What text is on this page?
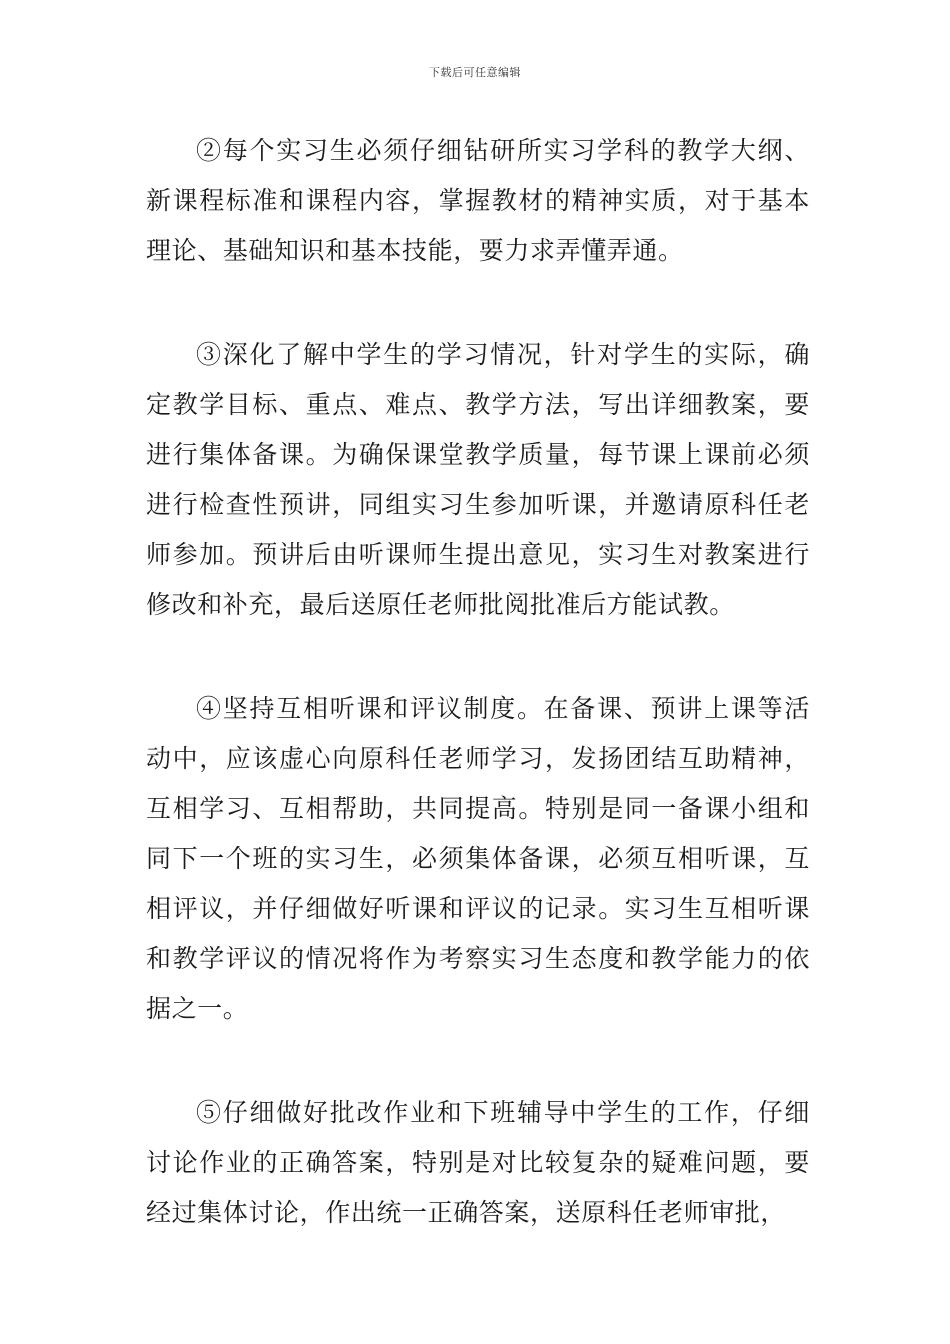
下载后可任意编辑

②每个实习生必须仔细钻研所实习学科的教学大纲、新课程标准和课程内容，掌握教材的精神实质，对于基本理论、基础知识和基本技能，要力求弄懂弄通。

③深化了解中学生的学习情况，针对学生的实际，确定教学目标、重点、难点、教学方法，写出详细教案，要进行集体备课。为确保课堂教学质量，每节课上课前必须进行检查性预讲，同组实习生参加听课，并邀请原科任老师参加。预讲后由听课师生提出意见，实习生对教案进行修改和补充，最后送原任老师批阅批准后方能试教。

④坚持互相听课和评议制度。在备课、预讲上课等活动中，应该虚心向原科任老师学习，发扬团结互助精神，互相学习、互相帮助，共同提高。特别是同一备课小组和同下一个班的实习生，必须集体备课，必须互相听课，互相评议，并仔细做好听课和评议的记录。实习生互相听课和教学评议的情况将作为考察实习生态度和教学能力的依据之一。

⑤仔细做好批改作业和下班辅导中学生的工作，仔细讨论作业的正确答案，特别是对比较复杂的疑难问题，要经过集体讨论，作出统一正确答案，送原科任老师审批，
